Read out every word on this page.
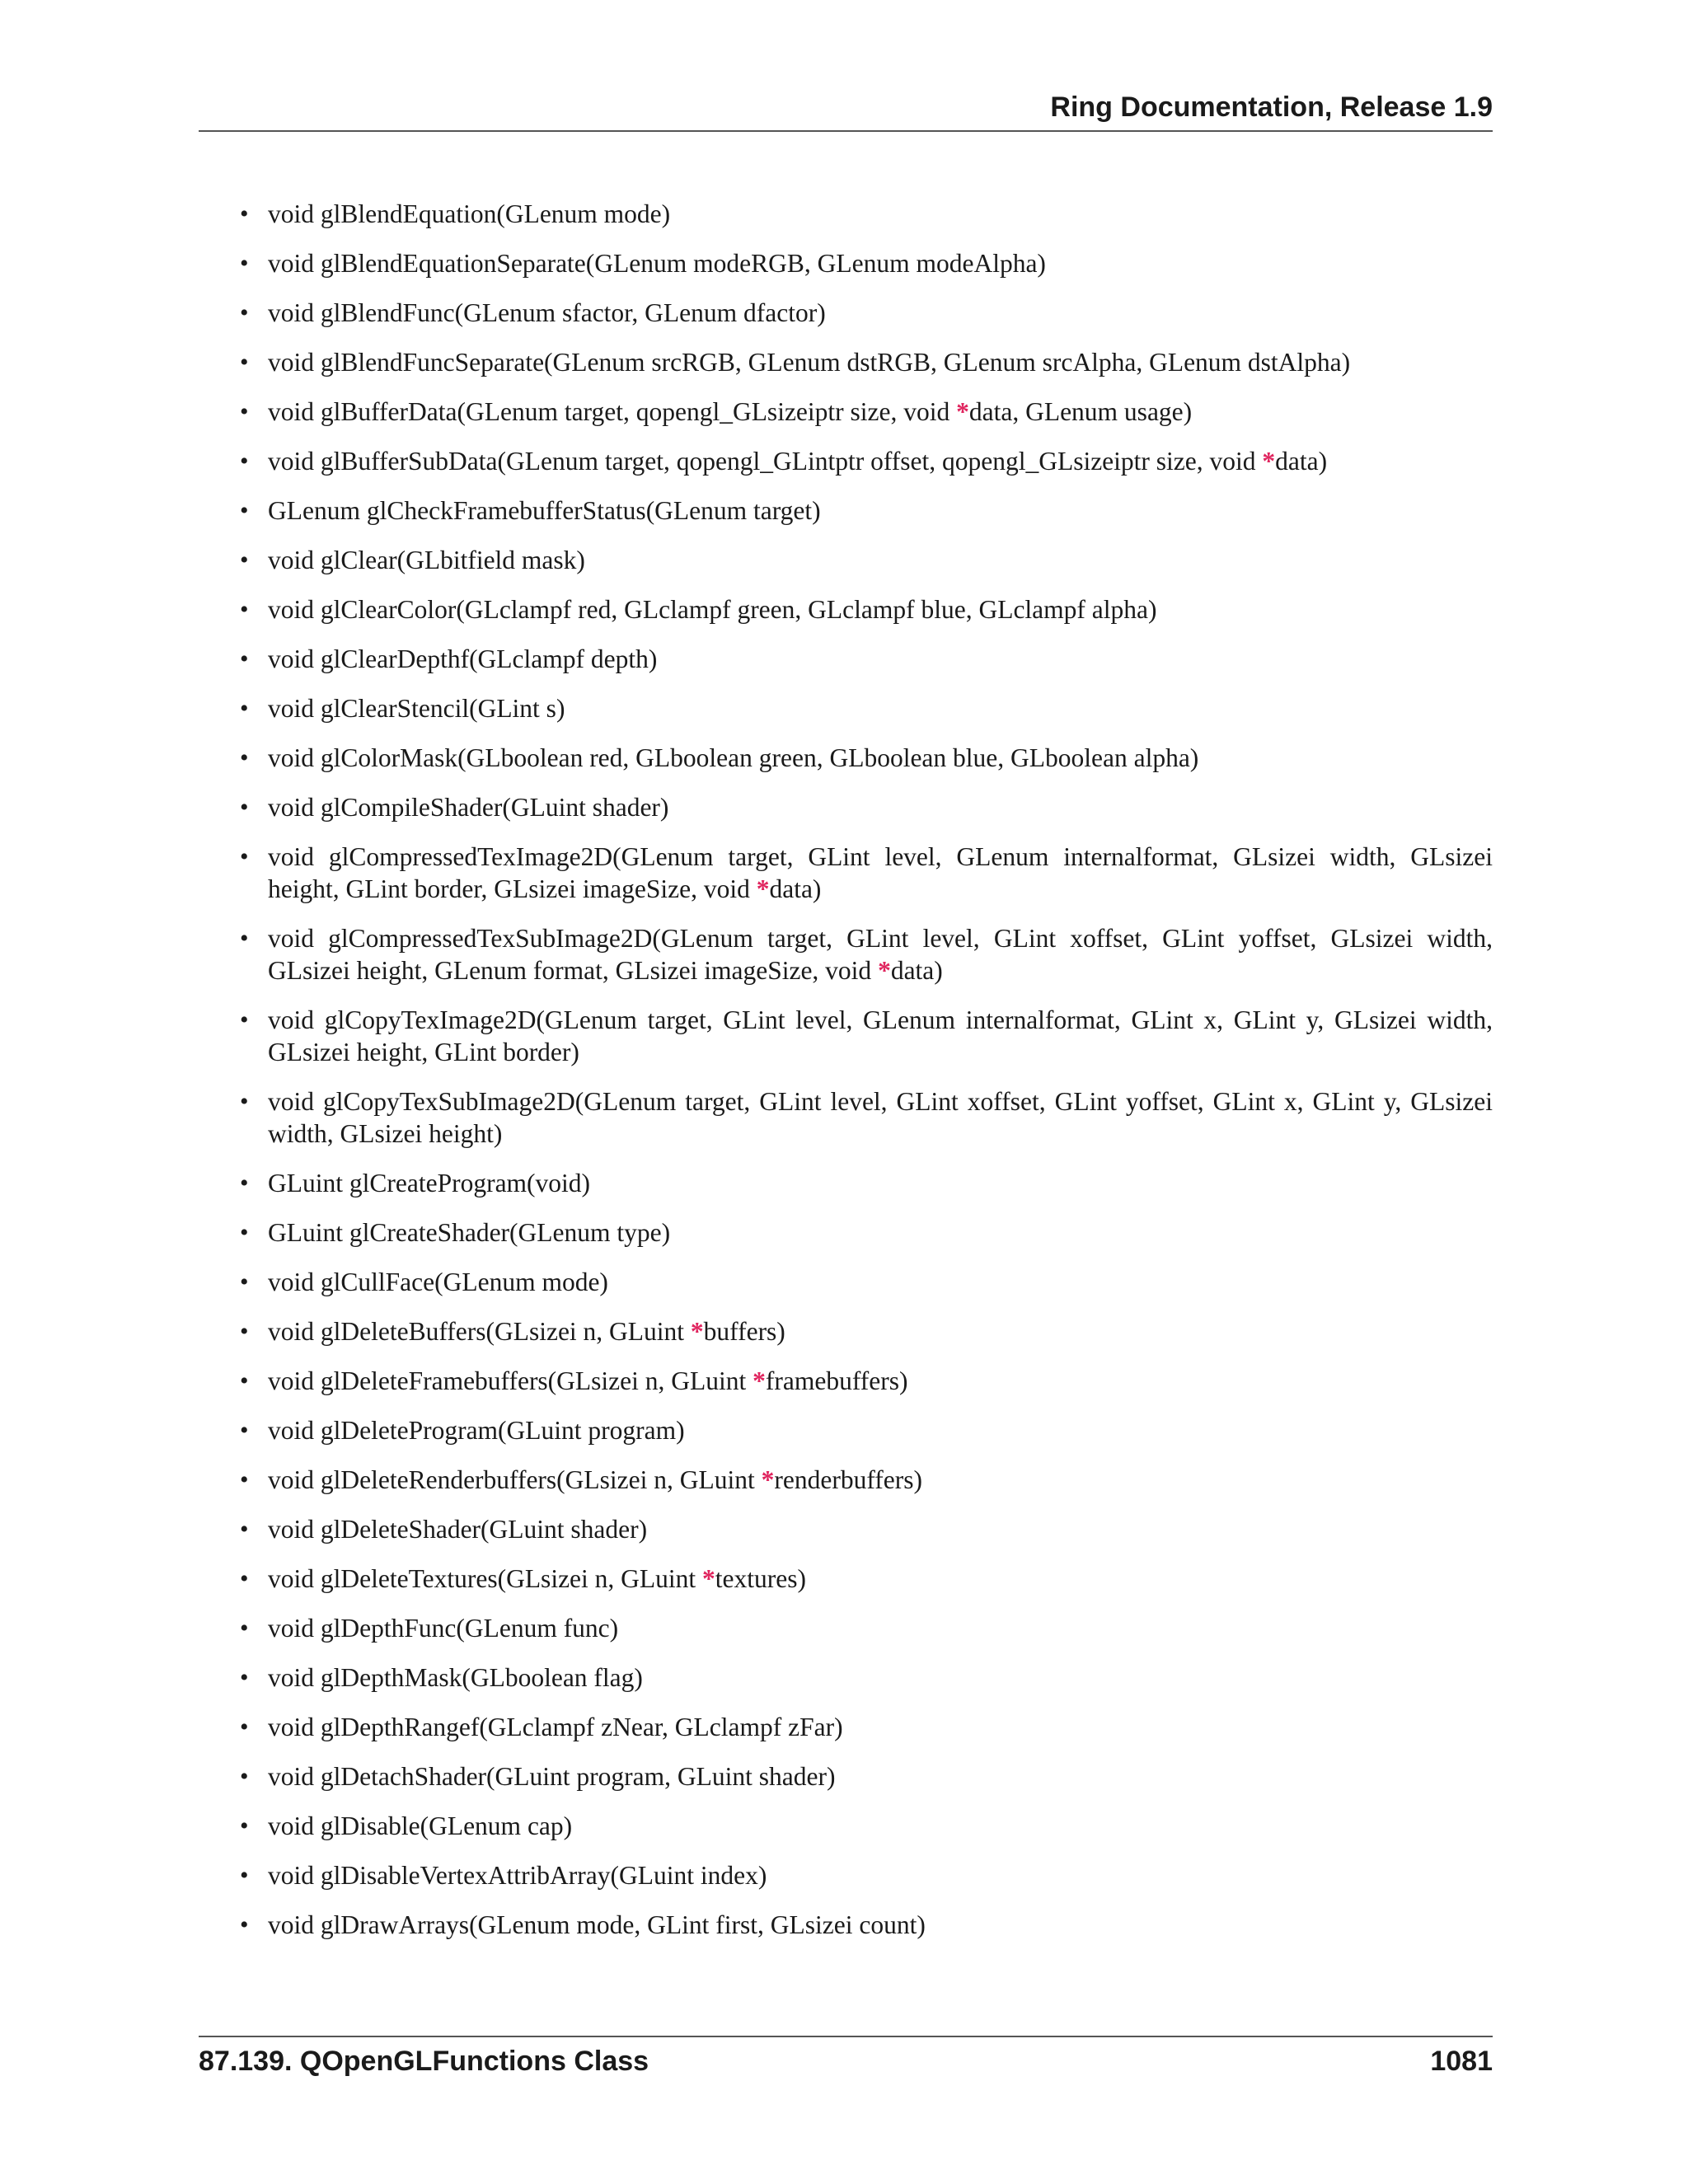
Ring Documentation, Release 1.9
• void glBlendEquation(GLenum mode)
• void glBlendEquationSeparate(GLenum modeRGB, GLenum modeAlpha)
• void glBlendFunc(GLenum sfactor, GLenum dfactor)
• void glBlendFuncSeparate(GLenum srcRGB, GLenum dstRGB, GLenum srcAlpha, GLenum dstAlpha)
• void glBufferData(GLenum target, qopengl_GLsizeiptr size, void *data, GLenum usage)
• void glBufferSubData(GLenum target, qopengl_GLintptr offset, qopengl_GLsizeiptr size, void *data)
• GLenum glCheckFramebufferStatus(GLenum target)
• void glClear(GLbitfield mask)
• void glClearColor(GLclampf red, GLclampf green, GLclampf blue, GLclampf alpha)
• void glClearDepthf(GLclampf depth)
• void glClearStencil(GLint s)
• void glColorMask(GLboolean red, GLboolean green, GLboolean blue, GLboolean alpha)
• void glCompileShader(GLuint shader)
• void glCompressedTexImage2D(GLenum target, GLint level, GLenum internalformat, GLsizei width, GLsizei height, GLint border, GLsizei imageSize, void *data)
• void glCompressedTexSubImage2D(GLenum target, GLint level, GLint xoffset, GLint yoffset, GLsizei width, GLsizei height, GLenum format, GLsizei imageSize, void *data)
• void glCopyTexImage2D(GLenum target, GLint level, GLenum internalformat, GLint x, GLint y, GLsizei width, GLsizei height, GLint border)
• void glCopyTexSubImage2D(GLenum target, GLint level, GLint xoffset, GLint yoffset, GLint x, GLint y, GLsizei width, GLsizei height)
• GLuint glCreateProgram(void)
• GLuint glCreateShader(GLenum type)
• void glCullFace(GLenum mode)
• void glDeleteBuffers(GLsizei n, GLuint *buffers)
• void glDeleteFramebuffers(GLsizei n, GLuint *framebuffers)
• void glDeleteProgram(GLuint program)
• void glDeleteRenderbuffers(GLsizei n, GLuint *renderbuffers)
• void glDeleteShader(GLuint shader)
• void glDeleteTextures(GLsizei n, GLuint *textures)
• void glDepthFunc(GLenum func)
• void glDepthMask(GLboolean flag)
• void glDepthRangef(GLclampf zNear, GLclampf zFar)
• void glDetachShader(GLuint program, GLuint shader)
• void glDisable(GLenum cap)
• void glDisableVertexAttribArray(GLuint index)
• void glDrawArrays(GLenum mode, GLint first, GLsizei count)
87.139. QOpenGLFunctions Class	1081
